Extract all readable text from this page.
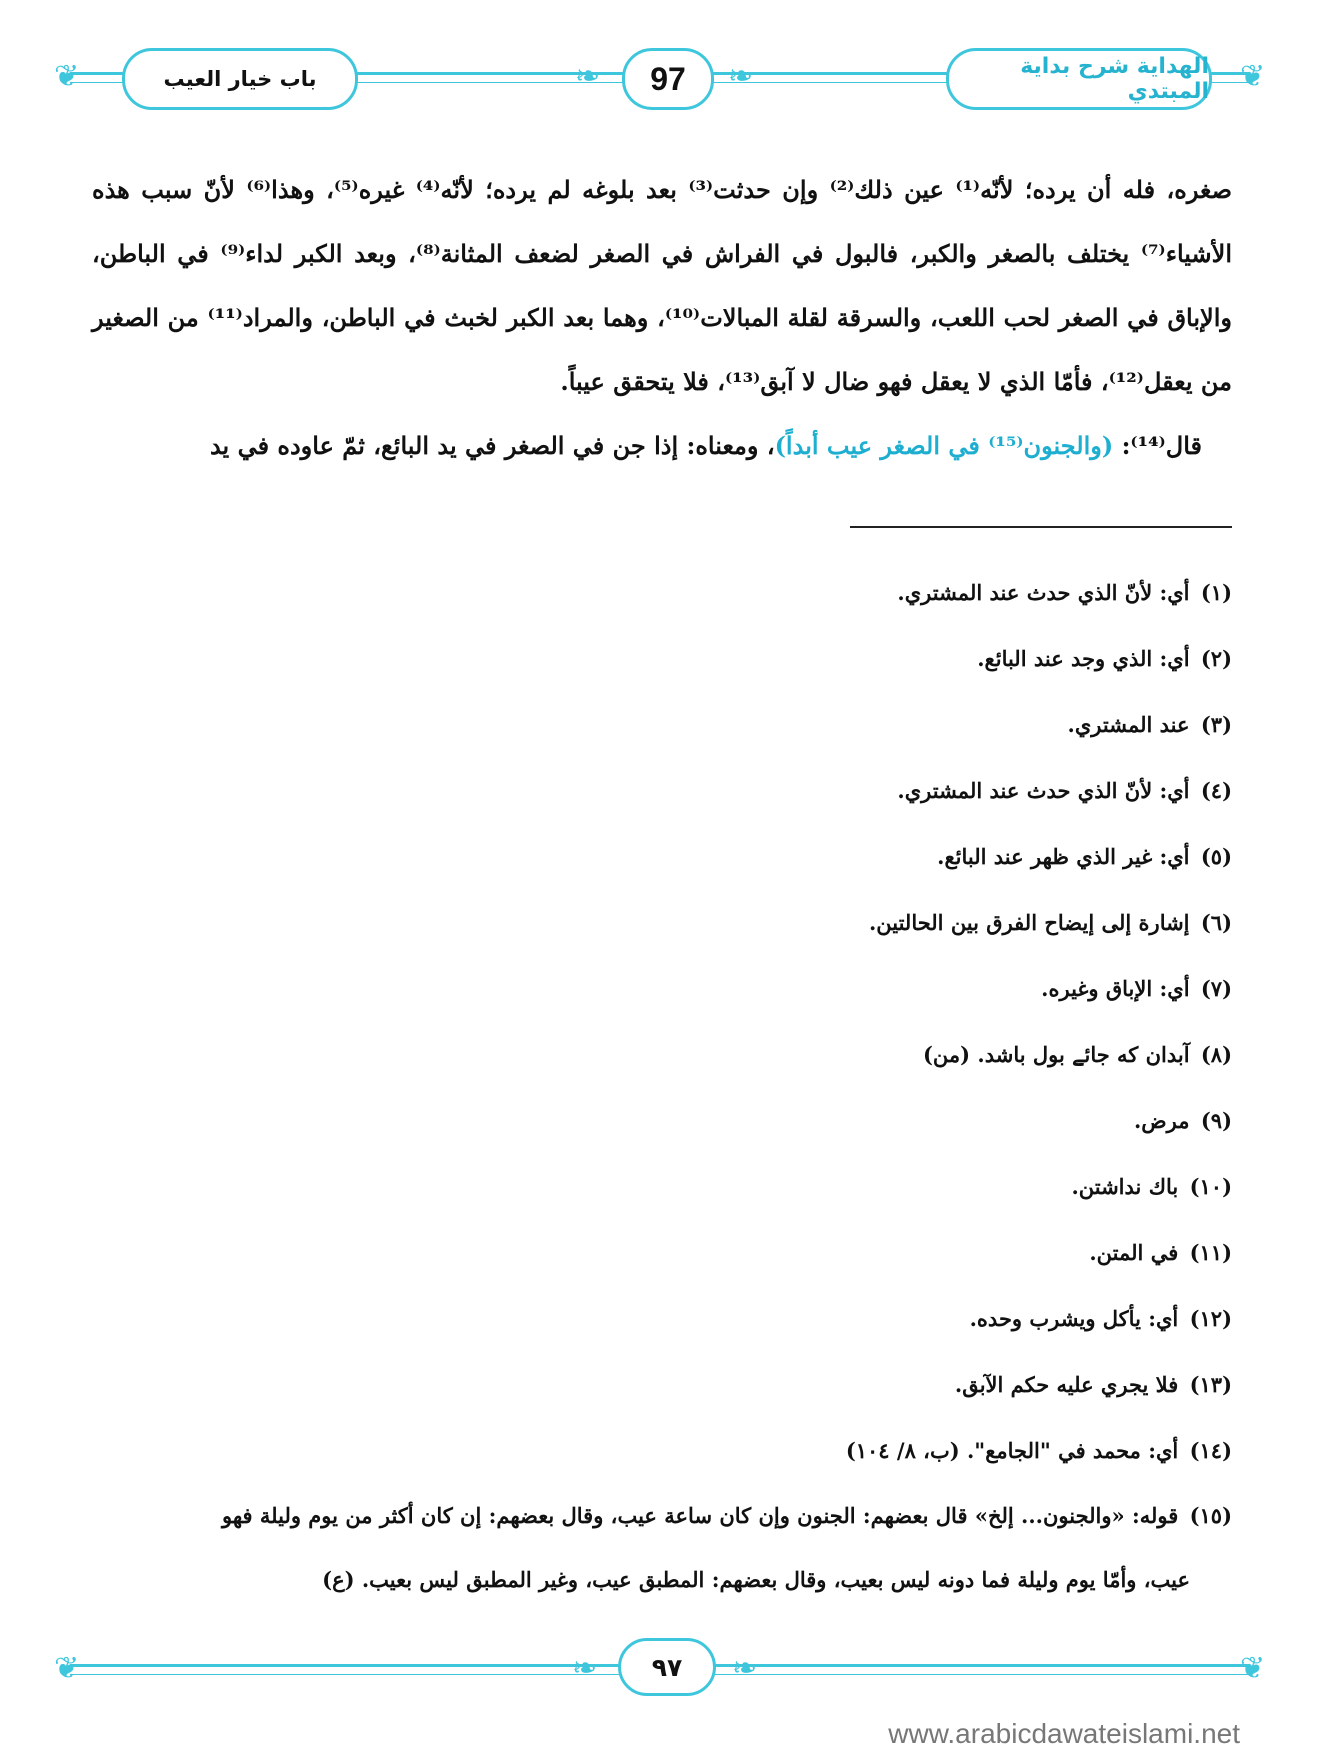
❦	❦
❧	❧
باب خيار العيب	97	الهداية شرح بداية المبتدي

صغره، فله أن يرده؛ لأنّه⁽¹⁾ عين ذلك⁽²⁾ وإن حدثت⁽³⁾ بعد بلوغه لم يرده؛ لأنّه⁽⁴⁾ غيره⁽⁵⁾، وهذا⁽⁶⁾ لأنّ سبب هذه الأشياء⁽⁷⁾ يختلف بالصغر والكبر، فالبول في الفراش في الصغر لضعف المثانة⁽⁸⁾، وبعد الكبر لداء⁽⁹⁾ في الباطن، والإباق في الصغر لحب اللعب، والسرقة لقلة المبالات⁽¹⁰⁾، وهما بعد الكبر لخبث في الباطن، والمراد⁽¹¹⁾ من الصغير من يعقل⁽¹²⁾، فأمّا الذي لا يعقل فهو ضال لا آبق⁽¹³⁾، فلا يتحقق عيباً.

قال⁽¹⁴⁾: (والجنون⁽¹⁵⁾ في الصغر عيب أبداً)، ومعناه: إذا جن في الصغر في يد البائع، ثمّ عاوده في يد

(١) أي: لأنّ الذي حدث عند المشتري.
(٢) أي: الذي وجد عند البائع.
(٣) عند المشتري.
(٤) أي: لأنّ الذي حدث عند المشتري.
(٥) أي: غير الذي ظهر عند البائع.
(٦) إشارة إلى إيضاح الفرق بين الحالتين.
(٧) أي: الإباق وغيره.
(٨) آبدان كه جائے بول باشد. (من)
(٩) مرض.
(١٠) باك نداشتن.
(١١) في المتن.
(١٢) أي: يأكل ويشرب وحده.
(١٣) فلا يجري عليه حكم الآبق.
(١٤) أي: محمد في "الجامع". (ب، ٨/ ١٠٤)
(١٥) قوله: «والجنون... إلخ» قال بعضهم: الجنون وإن كان ساعة عيب، وقال بعضهم: إن كان أكثر من يوم وليلة فهو
عيب، وأمّا يوم وليلة فما دونه ليس بعيب، وقال بعضهم: المطبق عيب، وغير المطبق ليس بعيب. (ع)
❦	❦
❧	❧
٩٧
www.arabicdawateislami.net
